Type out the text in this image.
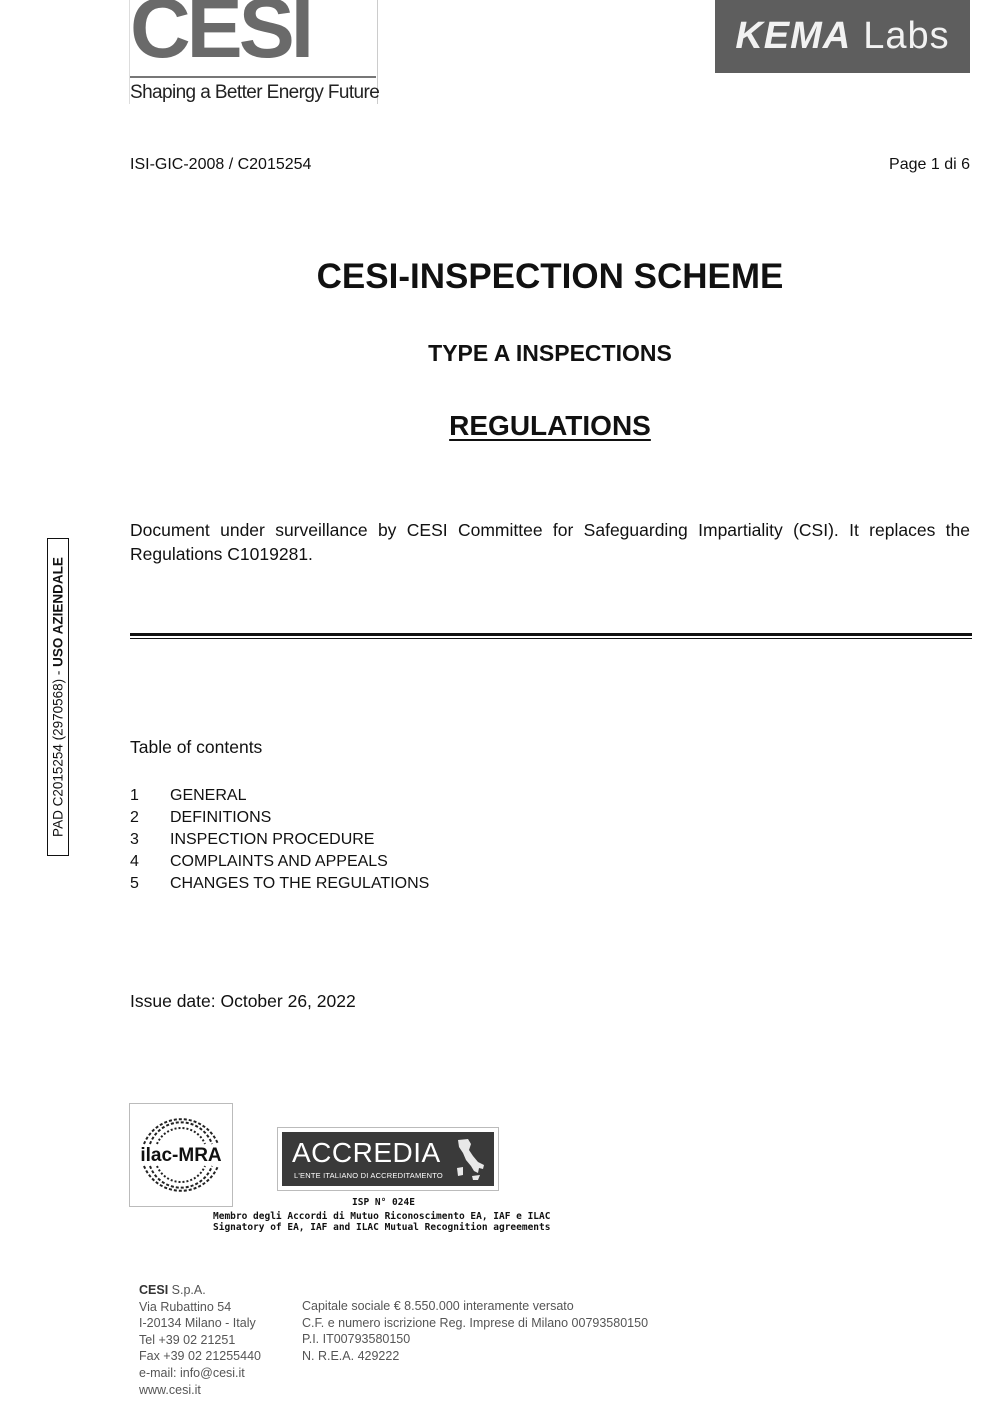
CESI
Shaping a Better Energy Future
KEMA Labs
ISI-GIC-2008 / C2015254	Page 1 di 6
CESI-INSPECTION SCHEME
TYPE A INSPECTIONS
REGULATIONS
Document under surveillance by CESI Committee for Safeguarding Impartiality (CSI). It replaces the Regulations C1019281.
Table of contents
1	GENERAL
2	DEFINITIONS
3	INSPECTION PROCEDURE
4	COMPLAINTS AND APPEALS
5	CHANGES TO THE REGULATIONS
Issue date: October 26, 2022
PAD C2015254 (2970568) - USO AZIENDALE
ilac-MRA	ACCREDIA
L'ENTE ITALIANO DI ACCREDITAMENTO
ISP N° 024E
Membro degli Accordi di Mutuo Riconoscimento EA, IAF e ILAC
Signatory of EA, IAF and ILAC Mutual Recognition agreements
CESI S.p.A.
Via Rubattino 54
I-20134 Milano - Italy
Tel +39 02 21251
Fax +39 02 21255440
e-mail: info@cesi.it
www.cesi.it
Capitale sociale € 8.550.000 interamente versato
C.F. e numero iscrizione Reg. Imprese di Milano 00793580150
P.I. IT00793580150
N. R.E.A. 429222
